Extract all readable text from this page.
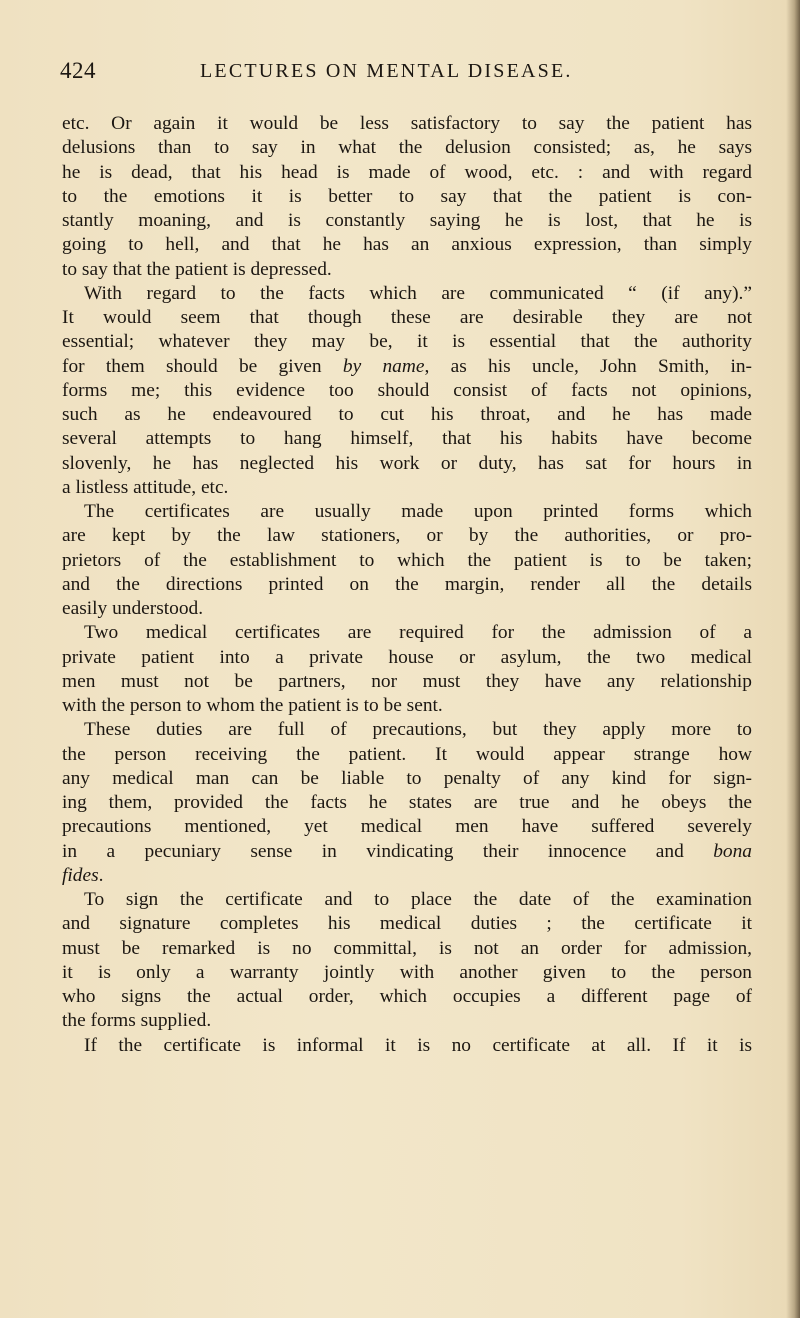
424	LECTURES ON MENTAL DISEASE.
etc. Or again it would be less satisfactory to say the patient has
delusions than to say in what the delusion consisted; as, he says
he is dead, that his head is made of wood, etc. : and with regard
to the emotions it is better to say that the patient is con-
stantly moaning, and is constantly saying he is lost, that he is
going to hell, and that he has an anxious expression, than simply
to say that the patient is depressed.
With regard to the facts which are communicated “ (if any).”
It would seem that though these are desirable they are not
essential; whatever they may be, it is essential that the authority
for them should be given by name, as his uncle, John Smith, in-
forms me; this evidence too should consist of facts not opinions,
such as he endeavoured to cut his throat, and he has made
several attempts to hang himself, that his habits have become
slovenly, he has neglected his work or duty, has sat for hours in
a listless attitude, etc.
The certificates are usually made upon printed forms which
are kept by the law stationers, or by the authorities, or pro-
prietors of the establishment to which the patient is to be taken;
and the directions printed on the margin, render all the details
easily understood.
Two medical certificates are required for the admission of a
private patient into a private house or asylum, the two medical
men must not be partners, nor must they have any relationship
with the person to whom the patient is to be sent.
These duties are full of precautions, but they apply more to
the person receiving the patient. It would appear strange how
any medical man can be liable to penalty of any kind for sign-
ing them, provided the facts he states are true and he obeys the
precautions mentioned, yet medical men have suffered severely
in a pecuniary sense in vindicating their innocence and bona
fides.
To sign the certificate and to place the date of the examination
and signature completes his medical duties ; the certificate it
must be remarked is no committal, is not an order for admission,
it is only a warranty jointly with another given to the person
who signs the actual order, which occupies a different page of
the forms supplied.
If the certificate is informal it is no certificate at all. If it is
